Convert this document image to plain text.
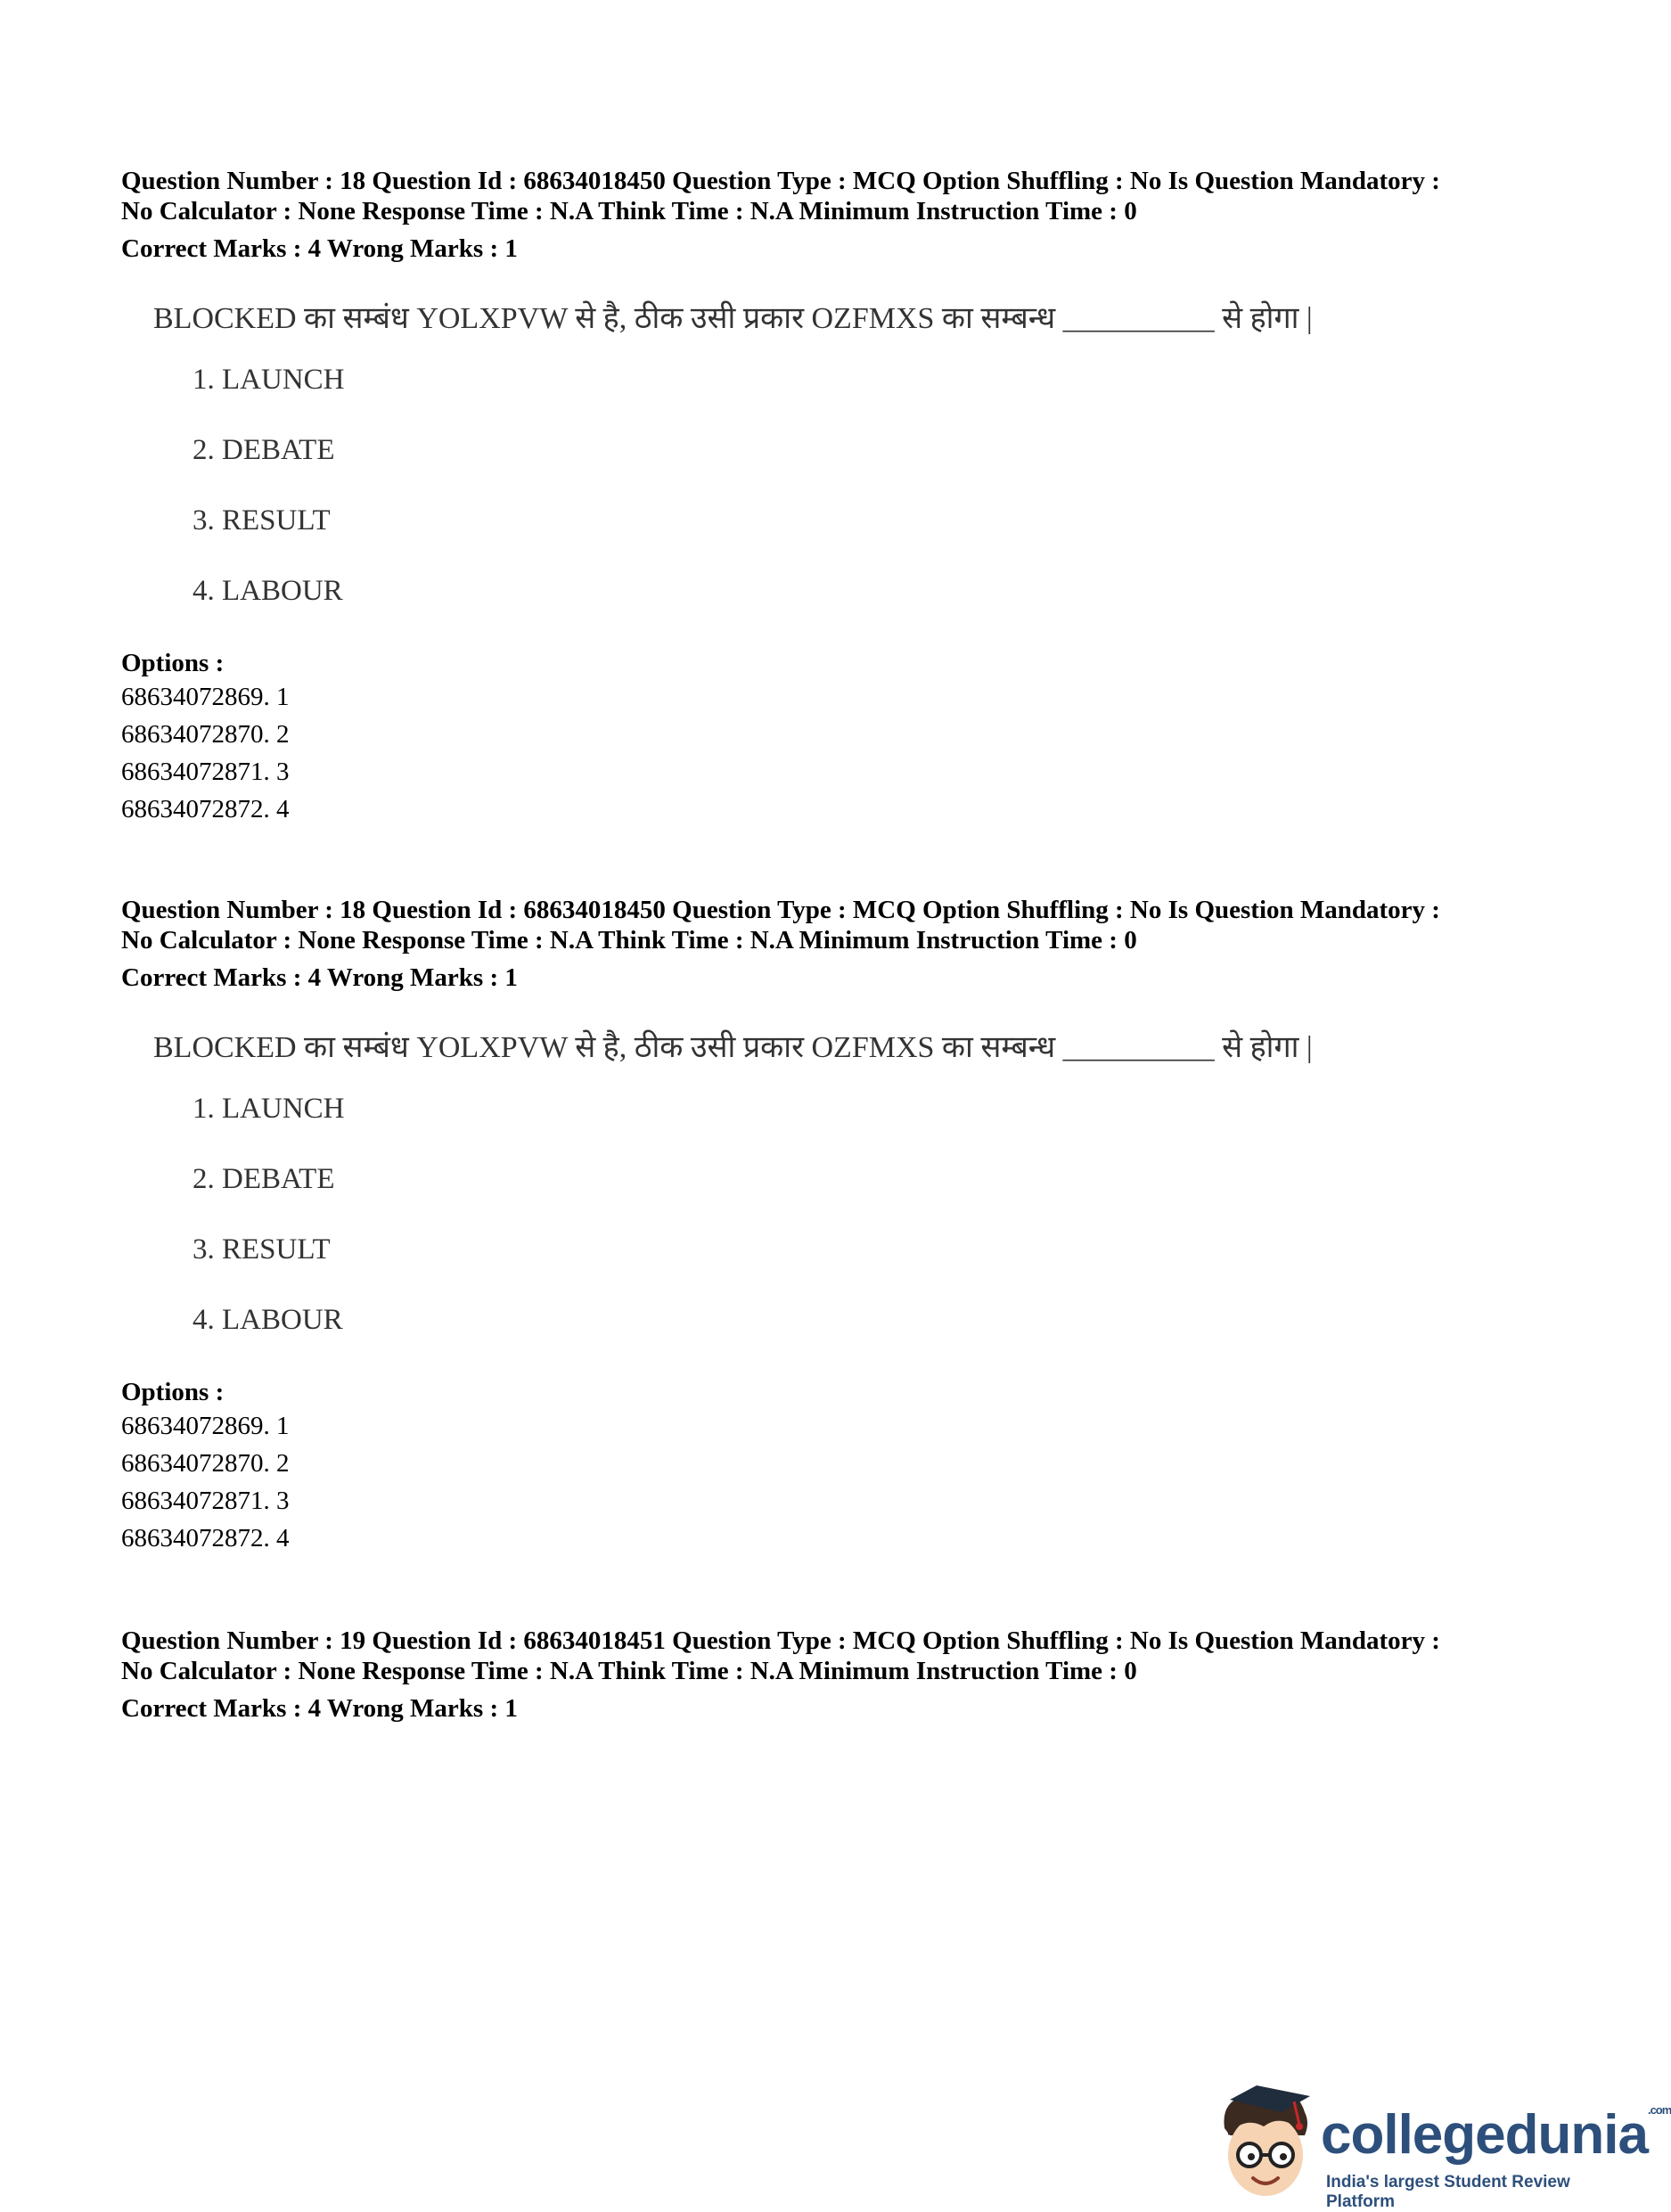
Question Number : 18 Question Id : 68634018450 Question Type : MCQ Option Shuffling : No Is Question Mandatory :

No Calculator : None Response Time : N.A Think Time : N.A Minimum Instruction Time : 0

Correct Marks : 4 Wrong Marks : 1
BLOCKED का सम्बंध YOLXPVW से है, ठीक उसी प्रकार OZFMXS का सम्बन्ध __________ से होगा |
1. LAUNCH
2. DEBATE
3. RESULT
4. LABOUR
Options :
68634072869. 1
68634072870. 2
68634072871. 3
68634072872. 4

Question Number : 18 Question Id : 68634018450 Question Type : MCQ Option Shuffling : No Is Question Mandatory :

No Calculator : None Response Time : N.A Think Time : N.A Minimum Instruction Time : 0

Correct Marks : 4 Wrong Marks : 1
BLOCKED का सम्बंध YOLXPVW से है, ठीक उसी प्रकार OZFMXS का सम्बन्ध __________ से होगा |
1. LAUNCH
2. DEBATE
3. RESULT
4. LABOUR
Options :
68634072869. 1
68634072870. 2
68634072871. 3
68634072872. 4

Question Number : 19 Question Id : 68634018451 Question Type : MCQ Option Shuffling : No Is Question Mandatory :

No Calculator : None Response Time : N.A Think Time : N.A Minimum Instruction Time : 0

Correct Marks : 4 Wrong Marks : 1
collegedunia$^{.com}$
India's largest Student Review Platform
